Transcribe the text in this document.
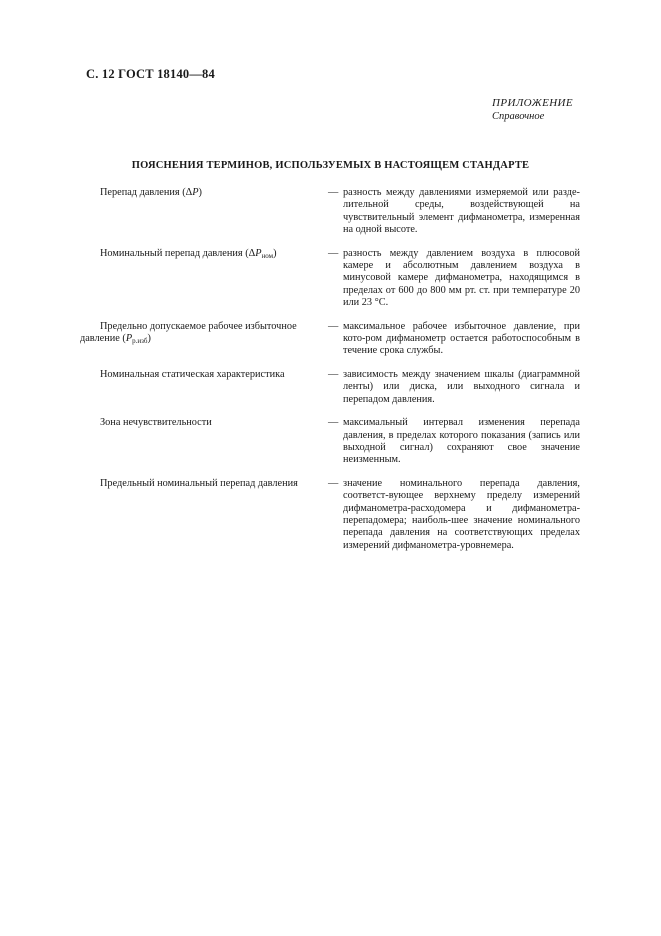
С. 12 ГОСТ 18140—84
ПРИЛОЖЕНИЕ
Справочное
ПОЯСНЕНИЯ ТЕРМИНОВ, ИСПОЛЬЗУЕМЫХ В НАСТОЯЩЕМ СТАНДАРТЕ
Перепад давления (ΔP)	— разность между давлениями измеряемой или разде-лительной среды, воздействующей на чувствительный элемент дифманометра, измеренная на одной высоте.
Номинальный перепад давления $(\Delta P_{ном})$	— разность между давлением воздуха в плюсовой камере и абсолютным давлением воздуха в минусовой камере дифманометра, находящимся в пределах от 600 до 800 мм рт. ст. при температуре 20 или 23 °С.
Предельно допускаемое рабочее избыточное давление $(P_{р.изб})$
— максимальное рабочее избыточное давление, при кото-ром дифманометр остается работоспособным в течение срока службы.
Номинальная статическая характеристика	— зависимость между значением шкалы (диаграммной ленты) или диска, или выходного сигнала и перепадом давления.
Зона нечувствительности	— максимальный интервал изменения перепада давления, в пределах которого показания (запись или выходной сигнал) сохраняют свое значение неизменным.
Предельный номинальный перепад давления	— значение номинального перепада давления, соответст-вующее верхнему пределу измерений дифманометра-расходомера и дифманометра-перепадомера; наиболь-шее значение номинального перепада давления на соответствующих пределах измерений дифманометра-уровнемера.
